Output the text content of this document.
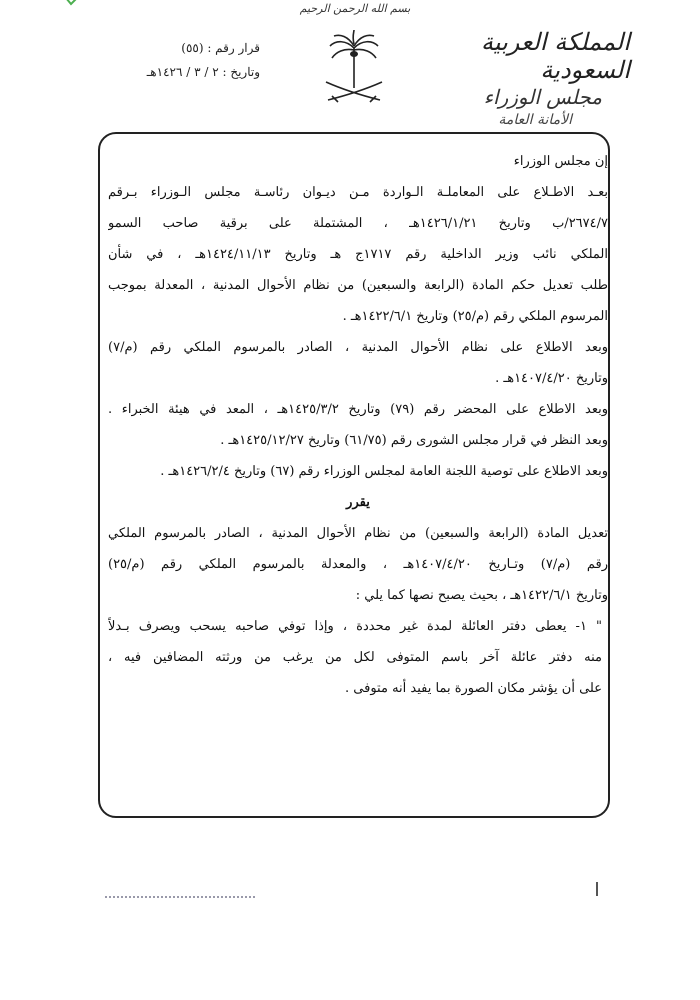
بسم الله الرحمن الرحيم
المملكة العربية السعودية
مجلس الوزراء
الأمانة العامة
قرار رقم : (٥٥)
وتاريخ : ٢ / ٣ / ١٤٢٦هـ
إن مجلس الوزراء
بعـد الاطـلاع على المعاملـة الـواردة مـن ديـوان رئاسـة مجلس الـوزراء بـرقم
٢٦٧٤/٧/ب وتاريخ ١٤٢٦/١/٢١هـ ، المشتملة على برقية صاحب السمو
الملكي نائب وزير الداخلية رقم ١٧١٧ج هـ وتاريخ ١٤٢٤/١١/١٣هـ ، في شأن
طلب تعديل حكم المادة (الرابعة والسبعين) من نظام الأحوال المدنية ، المعدلة بموجب
المرسوم الملكي رقم (م/٢٥) وتاريخ ١٤٢٢/٦/١هـ .
وبعد الاطلاع على نظام الأحوال المدنية ، الصادر بالمرسوم الملكي رقم (م/٧)
وتاريخ ١٤٠٧/٤/٢٠هـ .
وبعد الاطلاع على المحضر رقم (٧٩) وتاريخ ١٤٢٥/٣/٢هـ ، المعد في هيئة الخبراء .
وبعد النظر في قرار مجلس الشورى رقم (٦١/٧٥) وتاريخ ١٤٢٥/١٢/٢٧هـ .
وبعد الاطلاع على توصية اللجنة العامة لمجلس الوزراء رقم (٦٧) وتاريخ ١٤٢٦/٢/٤هـ .
يقرر
تعديل المادة (الرابعة والسبعين) من نظام الأحوال المدنية ، الصادر بالمرسوم الملكي
رقم (م/٧) وتـاريخ ١٤٠٧/٤/٢٠هـ ، والمعدلة بالمرسوم الملكي رقم (م/٢٥)
وتاريخ ١٤٢٢/٦/١هـ ، بحيث يصبح نصها كما يلي :
" ١- يعطى دفتر العائلة لمدة غير محددة ، وإذا توفي صاحبه يسحب ويصرف بـدلاً
منه دفتر عائلة آخر باسم المتوفى لكل من يرغب من ورثته المضافين فيه ،
على أن يؤشر مكان الصورة بما يفيد أنه متوفى .
